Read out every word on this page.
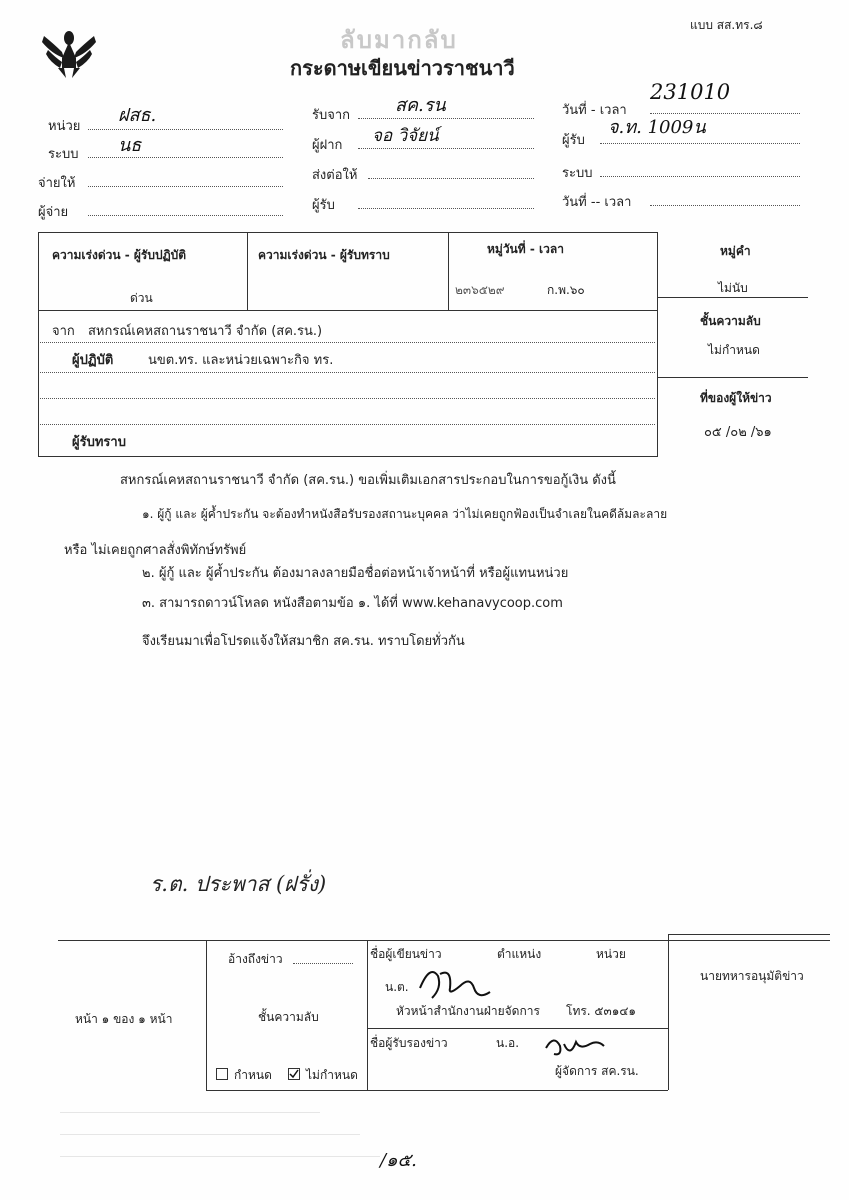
แบบ สส.ทร.๘
ลับมากลับ
กระดาษเขียนข่าวราชนาวี
หน่วย
ฝสธ.
ระบบ นธ
จ่ายให้
ผู้จ่าย
รับจาก สค.รน
ผู้ฝาก จอ วิจัยน์
ส่งต่อให้
ผู้รับ
วันที่ - เวลา
231010
ผู้รับ
จ.ท. 1009น
ระบบ
วันที่ -- เวลา
ความเร่งด่วน - ผู้รับปฏิบัติ
ด่วน
ความเร่งด่วน - ผู้รับทราบ	หมู่วันที่ - เวลา
๒๓๖๕๒๙	ก.พ.๖๐
หมู่คำ
ไม่นับ
จาก สหกรณ์เคหสถานราชนาวี จำกัด (สค.รน.)
ผู้ปฏิบัติ	นขต.ทร. และหน่วยเฉพาะกิจ ทร.
ผู้รับทราบ
ชั้นความลับ
ไม่กำหนด
ที่ของผู้ให้ข่าว
๐๕ /๐๒ /๖๑
สหกรณ์เคหสถานราชนาวี จำกัด (สค.รน.) ขอเพิ่มเติมเอกสารประกอบในการขอกู้เงิน ดังนี้
๑. ผู้กู้ และ ผู้ค้ำประกัน จะต้องทำหนังสือรับรองสถานะบุคคล ว่าไม่เคยถูกฟ้องเป็นจำเลยในคดีล้มละลาย
หรือ ไม่เคยถูกศาลสั่งพิทักษ์ทรัพย์
๒. ผู้กู้ และ ผู้ค้ำประกัน ต้องมาลงลายมือชื่อต่อหน้าเจ้าหน้าที่ หรือผู้แทนหน่วย
๓. สามารถดาวน์โหลด หนังสือตามข้อ ๑. ได้ที่ www.kehanavycoop.com
จึงเรียนมาเพื่อโปรดแจ้งให้สมาชิก สค.รน. ทราบโดยทั่วกัน
ร.ต. ประพาส (ฝรั่ง)
หน้า ๑ ของ ๑ หน้า
อ้างถึงข่าว
ชั้นความลับ
กำหนด	ไม่กำหนด
ชื่อผู้เขียนข่าว	ตำแหน่ง	หน่วย
น.ต.
หัวหน้าสำนักงานฝ่ายจัดการ โทร. ๕๓๑๔๑
ชื่อผู้รับรองข่าว	น.อ.
ผู้จัดการ สค.รน.
นายทหารอนุมัติข่าว
/๑๕.
